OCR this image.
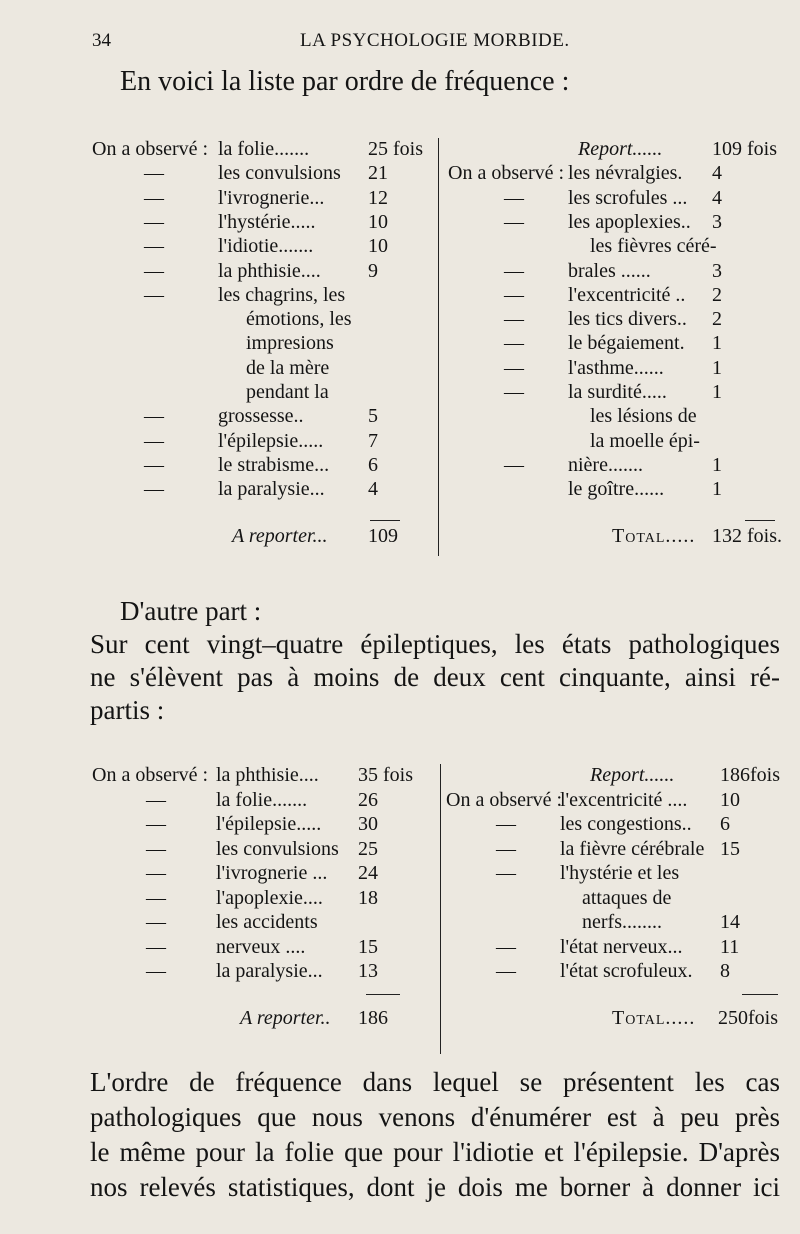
34	LA PSYCHOLOGIE MORBIDE.
En voici la liste par ordre de fréquence :
On a observé : la folie.......	25 fois
—	les convulsions 21
—	l'ivrognerie... 12
—	l'hystérie.....	10
—	l'idiotie.......	10
—	la phthisie.... 9
—	les chagrins, les
émotions, les
impresions
de la mère
pendant la
—	grossesse..	5
—	l'épilepsie..... 7
—	le strabisme... 6
—	la paralysie... 4
A reporter... 109
Report...... 109 fois
On a observé : les névralgies. 4
—	les scrofules ... 4
—	les apoplexies.. 3
les fièvres céré-
—	brales ......	3
—	l'excentricité .. 2
—	les tics divers.. 2
—	le bégaiement. 1
—	l'asthme...... 1
—	la surdité..... 1
les lésions de
la moelle épi-
—	nière.......	1
le goître...... 1
Total..... 132 fois.
D'autre part :
Sur cent vingt–quatre épileptiques, les états pathologiques
ne s'élèvent pas à moins de deux cent cinquante, ainsi ré-
partis :
On a observé : la phthisie.... 35 fois
—	la folie.......	26
—	l'épilepsie..... 30
—	les convulsions 25
—	l'ivrognerie ... 24
—	l'apoplexie.... 18
—	les accidents
—	nerveux ....	15
—	la paralysie... 13
A reporter.. 186
Report...... 186fois
On a observé :
l'excentricité .... 10
—	les congestions.. 6
—	la fièvre cérébrale 15
—	l'hystérie et les
attaques de
nerfs........	14
—	l'état nerveux... 11
—	l'état scrofuleux. 8
Total..... 250fois
L'ordre de fréquence dans lequel se présentent les cas
pathologiques que nous venons d'énumérer est à peu près
le même pour la folie que pour l'idiotie et l'épilepsie. D'après
nos relevés statistiques, dont je dois me borner à donner ici
